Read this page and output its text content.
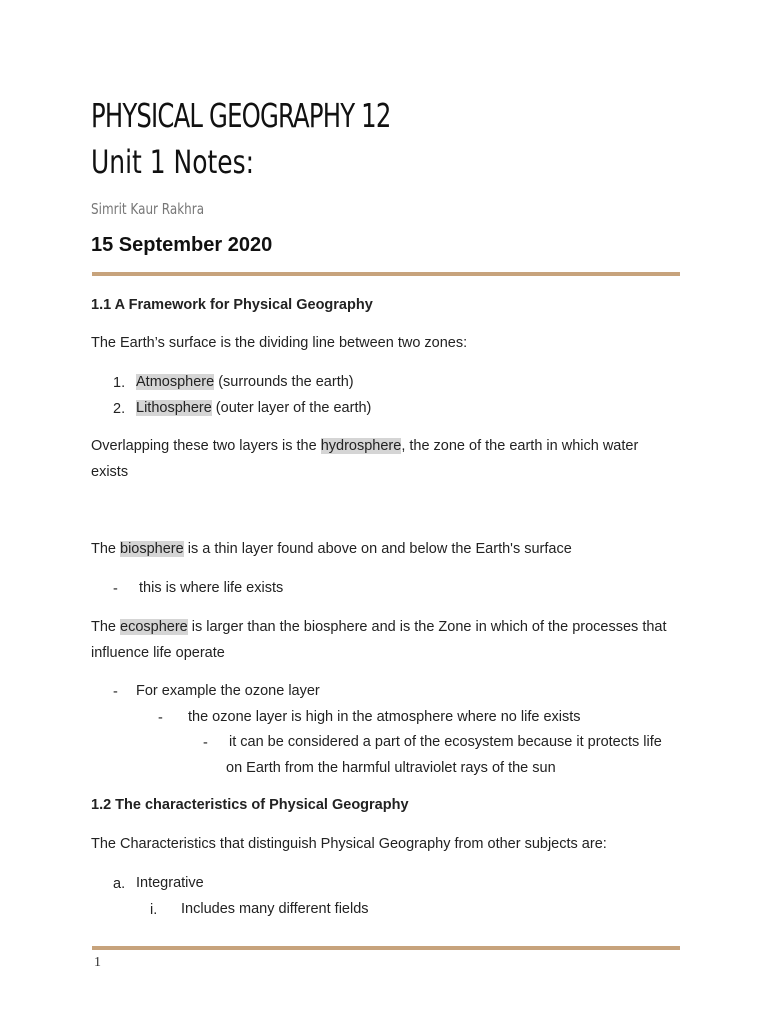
PHYSICAL GEOGRAPHY 12
Unit 1 Notes:
Simrit Kaur Rakhra
15 September 2020
1.1 A Framework for Physical Geography
The Earth’s surface is the dividing line between two zones:
1. Atmosphere (surrounds the earth)
2. Lithosphere (outer layer of the earth)
Overlapping these two layers is the hydrosphere, the zone of the earth in which water
exists
The biosphere is a thin layer found above on and below the Earth's surface
- this is where life exists
The ecosphere is larger than the biosphere and is the Zone in which of the processes that
influence life operate
- For example the ozone layer
- the ozone layer is high in the atmosphere where no life exists
- it can be considered a part of the ecosystem because it protects life
on Earth from the harmful ultraviolet rays of the sun
1.2 The characteristics of Physical Geography
The Characteristics that distinguish Physical Geography from other subjects are:
a. Integrative
i. Includes many different fields
1
